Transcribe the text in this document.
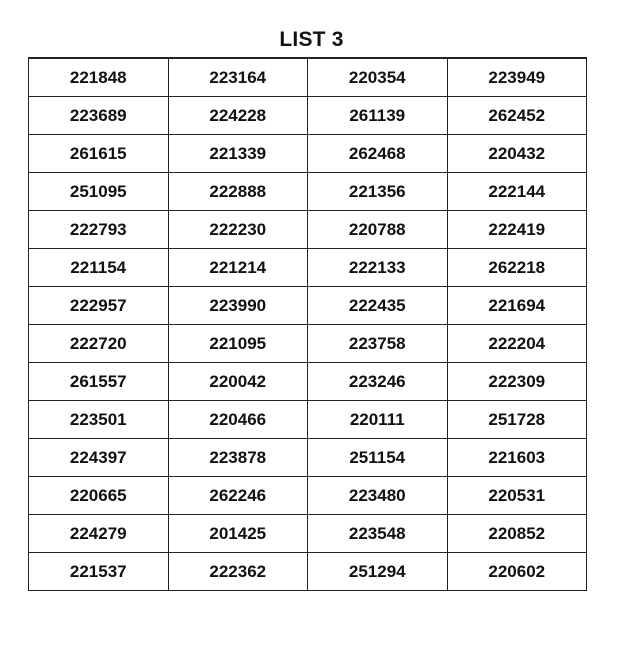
LIST 3
221848	223164	220354	223949
223689	224228	261139	262452
261615	221339	262468	220432
251095	222888	221356	222144
222793	222230	220788	222419
221154	221214	222133	262218
222957	223990	222435	221694
222720	221095	223758	222204
261557	220042	223246	222309
223501	220466	220111	251728
224397	223878	251154	221603
220665	262246	223480	220531
224279	201425	223548	220852
221537	222362	251294	220602
